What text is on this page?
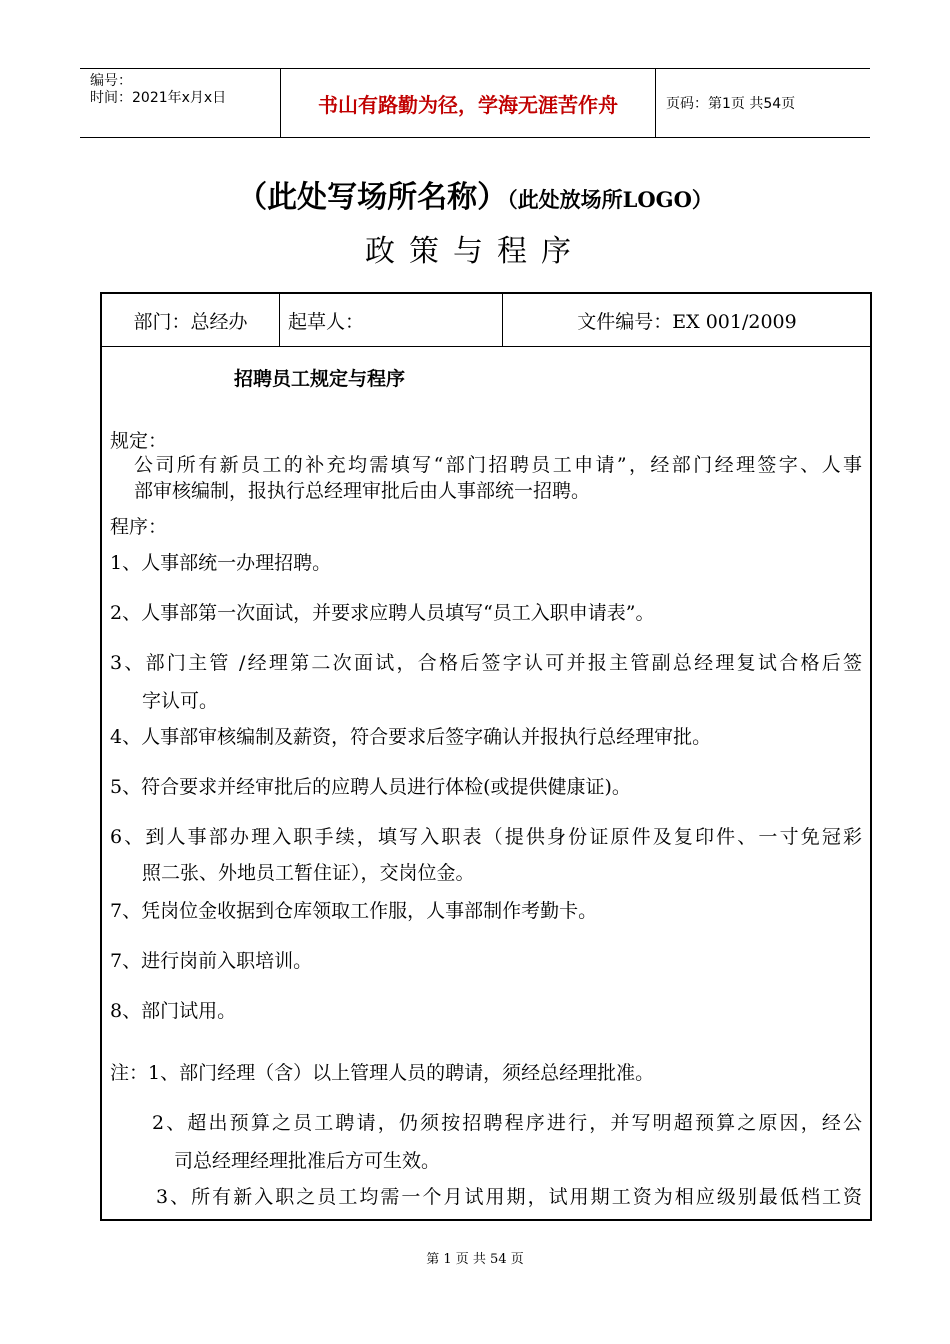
编号：
时间：2021年x月x日	书山有路勤为径，学海无涯苦作舟	页码：第1页 共54页
（此处写场所名称）（此处放场所LOGO）
政策与程序
部门：总经办	起草人：	文件编号：EX 001/2009
招聘员工规定与程序
规定：
公司所有新员工的补充均需填写“部门招聘员工申请”，经部门经理签字、人事
部审核编制，报执行总经理审批后由人事部统一招聘。
程序：
1、人事部统一办理招聘。
2、人事部第一次面试，并要求应聘人员填写“员工入职申请表”。
3、部门主管 /经理第二次面试，合格后签字认可并报主管副总经理复试合格后签
字认可。
4、人事部审核编制及薪资，符合要求后签字确认并报执行总经理审批。
5、符合要求并经审批后的应聘人员进行体检(或提供健康证)。
6、到人事部办理入职手续，填写入职表（提供身份证原件及复印件、一寸免冠彩
照二张、外地员工暂住证），交岗位金。
7、凭岗位金收据到仓库领取工作服，人事部制作考勤卡。
7、进行岗前入职培训。
8、部门试用。
注：1、部门经理（含）以上管理人员的聘请，须经总经理批准。
2、超出预算之员工聘请，仍须按招聘程序进行，并写明超预算之原因，经公
司总经理经理批准后方可生效。
3、所有新入职之员工均需一个月试用期，试用期工资为相应级别最低档工资
第 1 页 共 54 页
